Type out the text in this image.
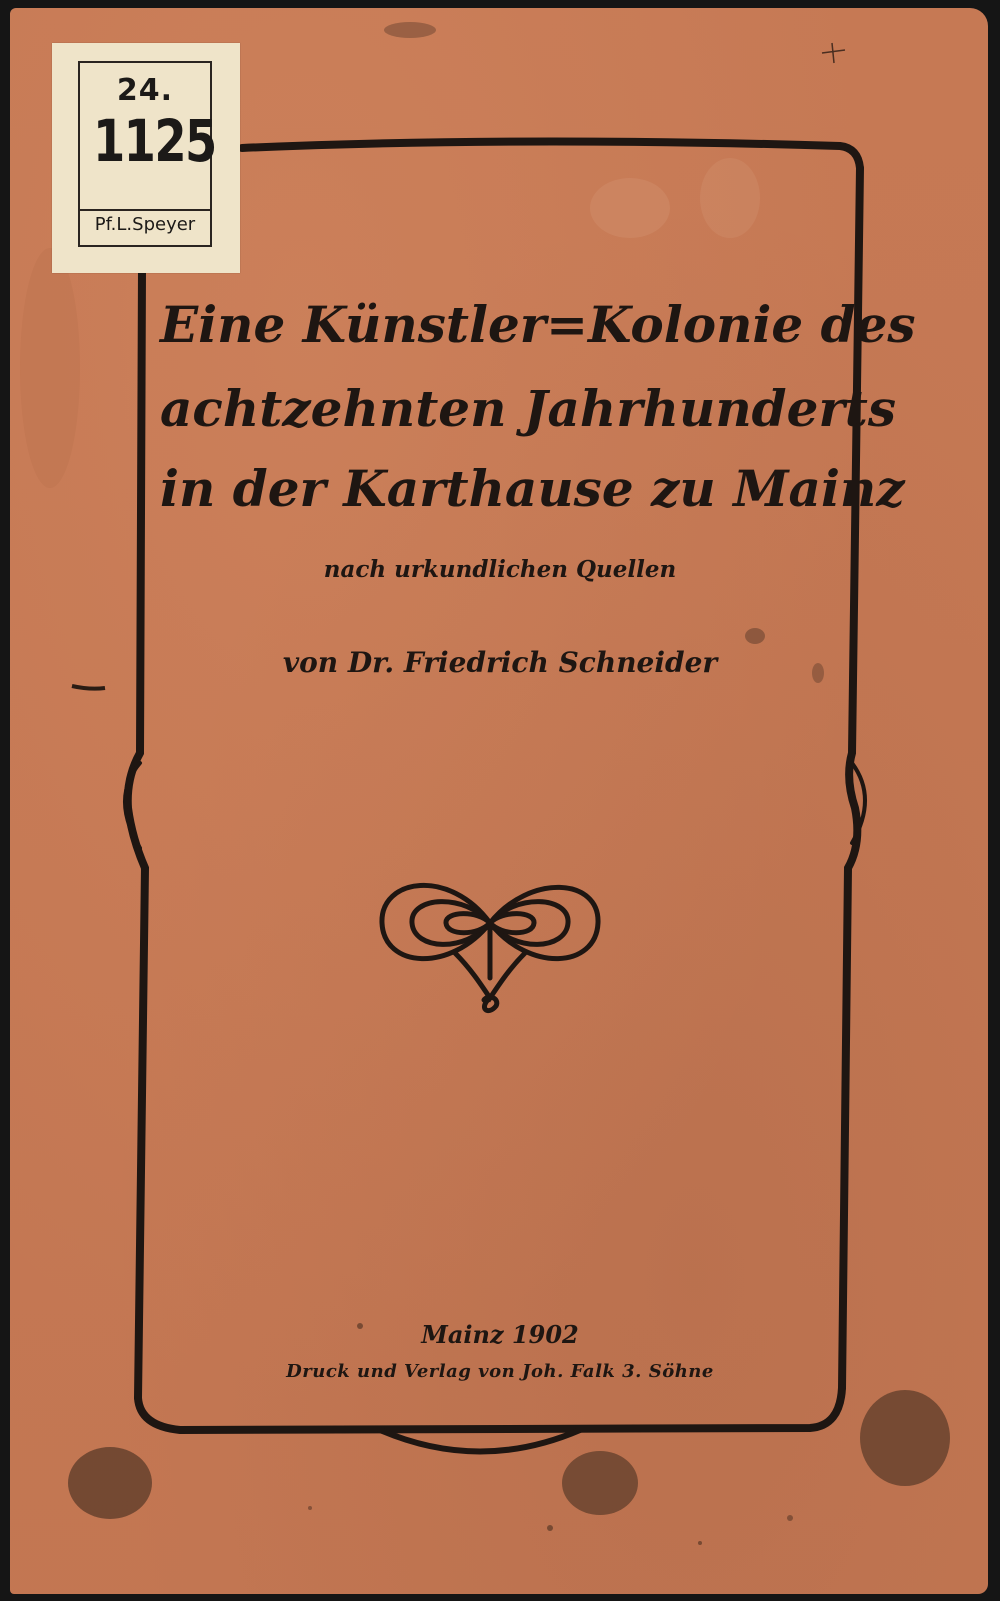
24.
1125
Pf.L.Speyer
Eine Künstler=Kolonie des
achtzehnten Jahrhunderts
in der Karthause zu Mainz
nach urkundlichen Quellen
von Dr. Friedrich Schneider
Mainz 1902
Druck und Verlag von Joh. Falk 3. Söhne
